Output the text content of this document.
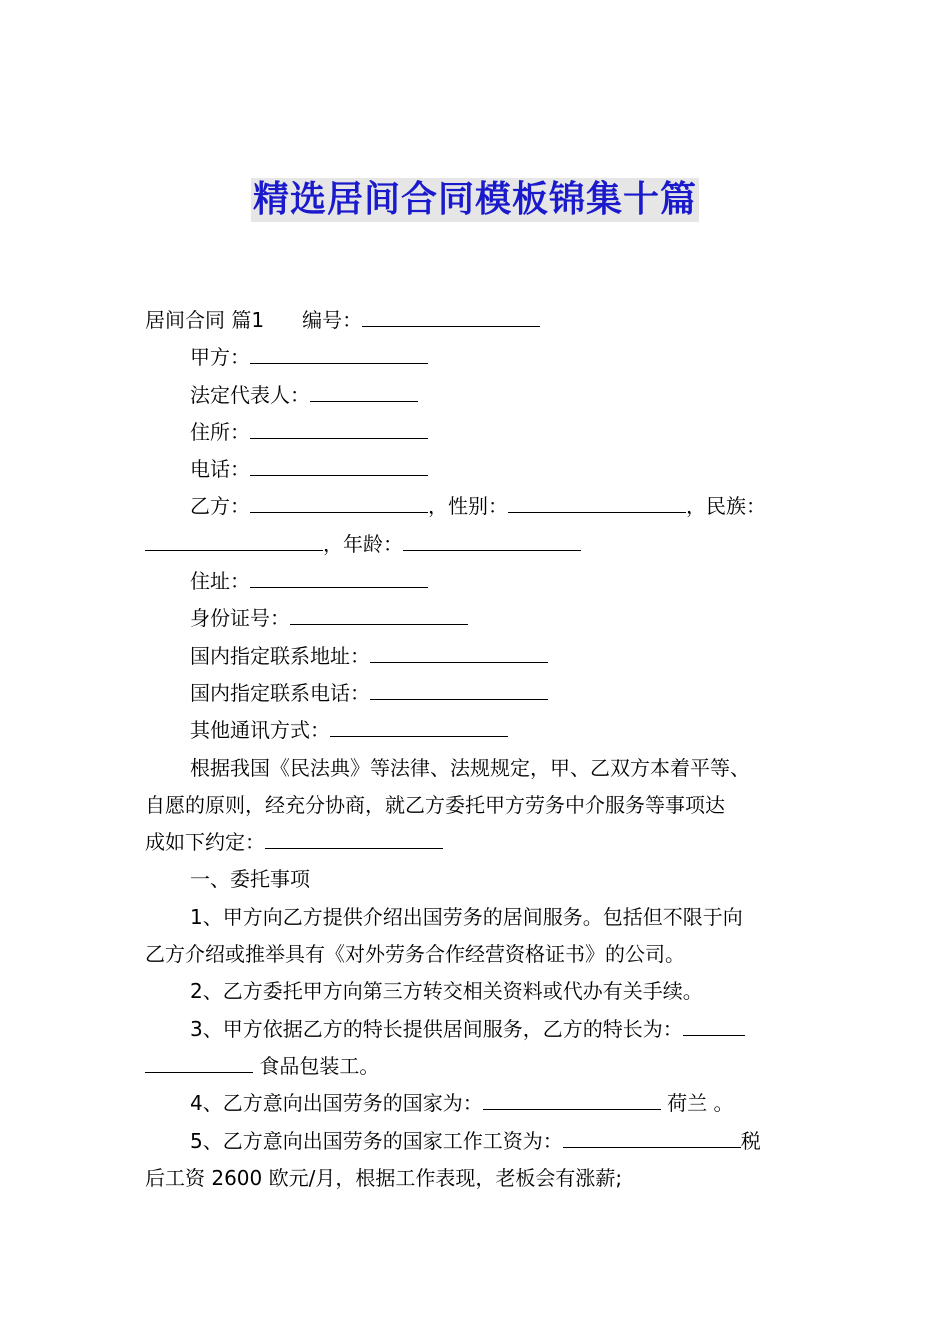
精选居间合同模板锦集十篇
居间合同 篇1 编号：
甲方：
法定代表人：
住所：
电话：
乙方：	，性别：	，民族：
，年龄：
住址：
身份证号：
国内指定联系地址：
国内指定联系电话：
其他通讯方式：
根据我国《民法典》等法律、法规规定，甲、乙双方本着平等、
自愿的原则，经充分协商，就乙方委托甲方劳务中介服务等事项达
成如下约定：
一、委托事项
1、甲方向乙方提供介绍出国劳务的居间服务。包括但不限于向
乙方介绍或推举具有《对外劳务合作经营资格证书》的公司。
2、乙方委托甲方向第三方转交相关资料或代办有关手续。
3、甲方依据乙方的特长提供居间服务，乙方的特长为：
食品包装工。
4、乙方意向出国劳务的国家为：	荷兰 。
5、乙方意向出国劳务的国家工作工资为：	税
后工资 2600 欧元/月，根据工作表现，老板会有涨薪;
